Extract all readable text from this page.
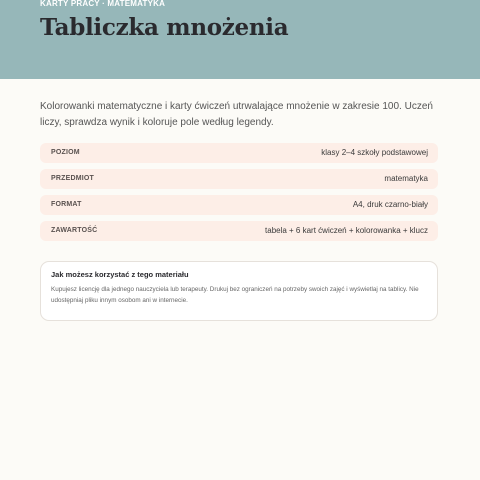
KARTY PRACY · MATEMATYKA
Tabliczka mnożenia

Kolorowanki matematyczne i karty ćwiczeń utrwalające mnożenie w zakresie 100. Uczeń liczy, sprawdza wynik i koloruje pole według legendy.

POZIOM	klasy 2–4 szkoły podstawowej
PRZEDMIOT	matematyka
FORMAT	A4, druk czarno-biały
ZAWARTOŚĆ	tabela + 6 kart ćwiczeń + kolorowanka + klucz

Jak możesz korzystać z tego materiału

Kupujesz licencję dla jednego nauczyciela lub terapeuty. Drukuj bez ograniczeń na potrzeby swoich zajęć i wyświetlaj na tablicy. Nie udostępniaj pliku innym osobom ani w internecie.
